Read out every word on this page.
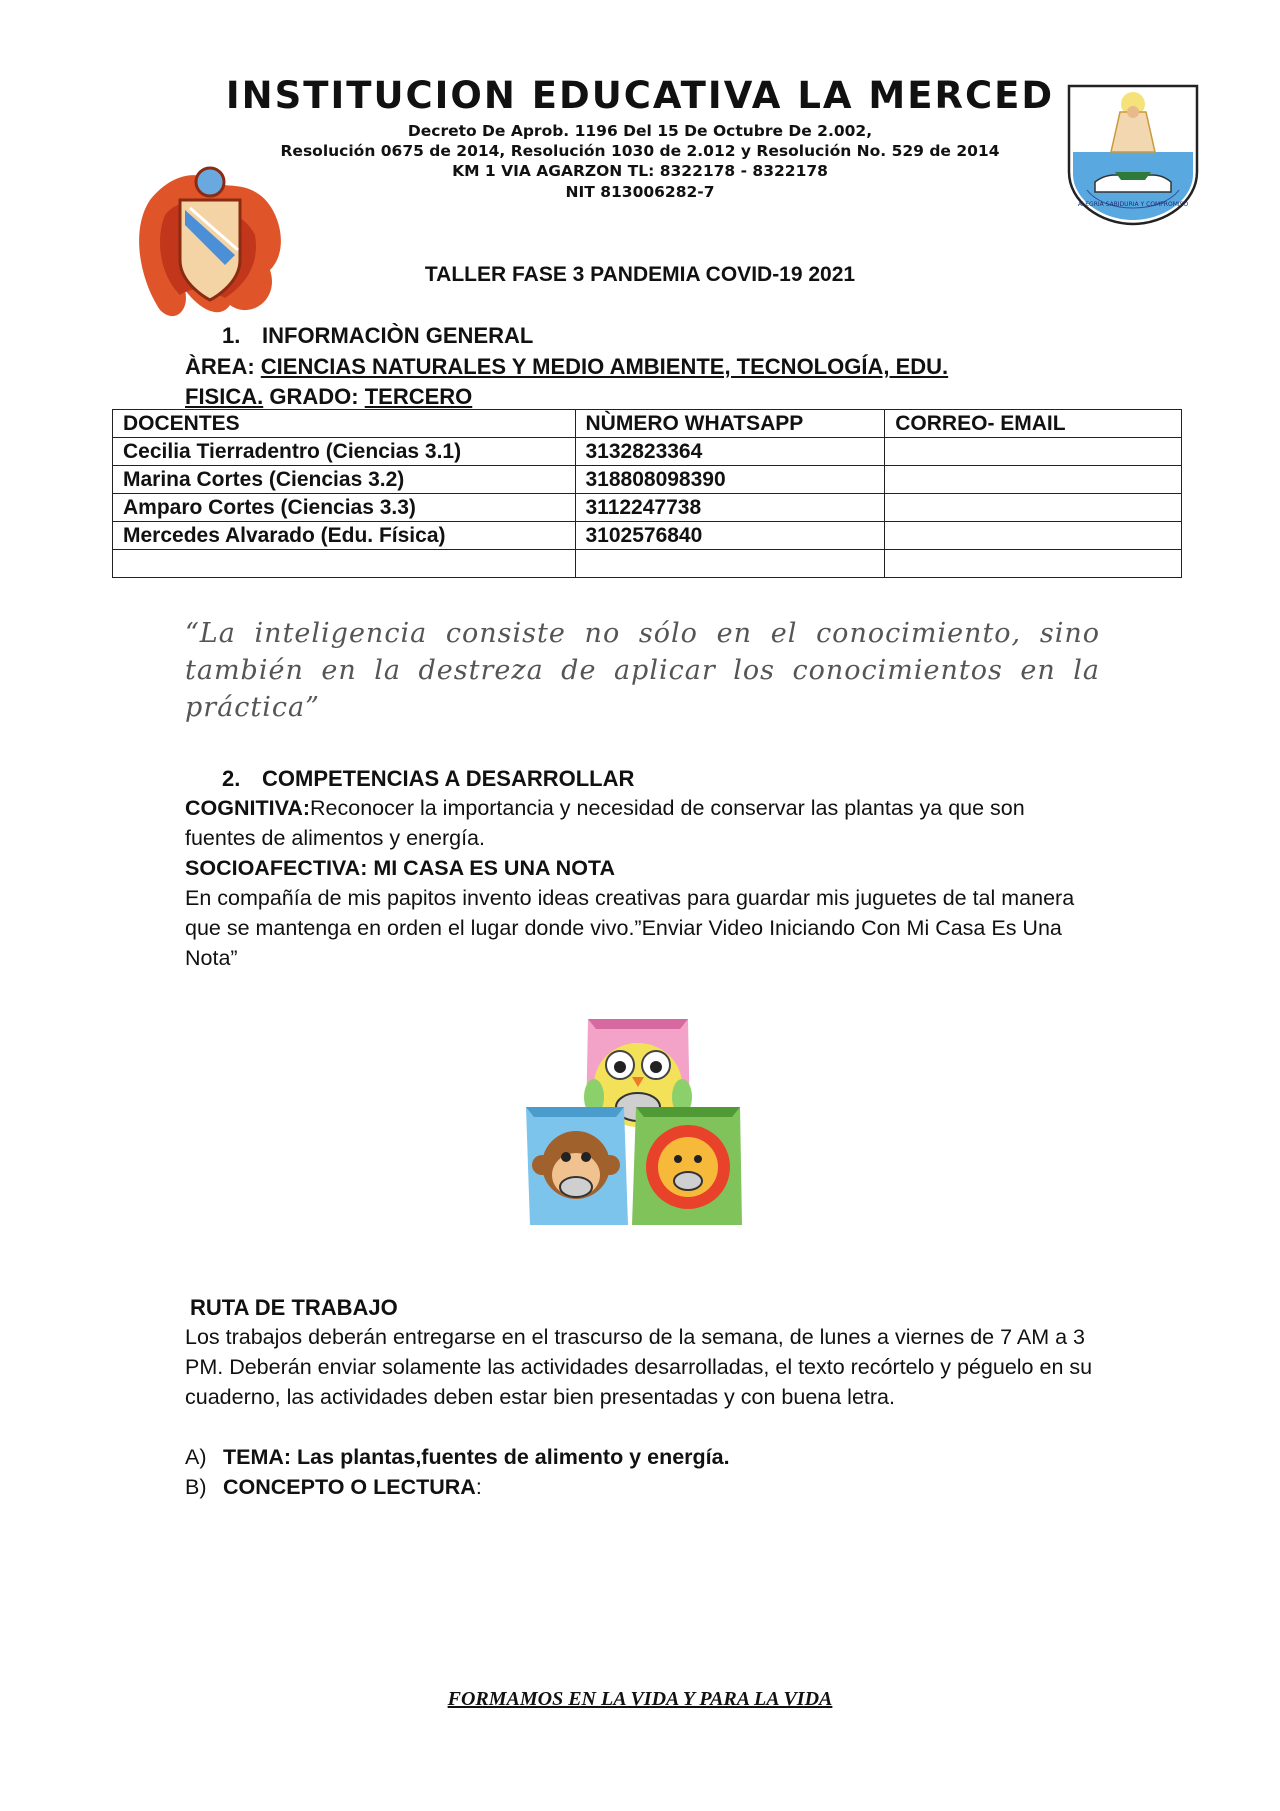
INSTITUCION EDUCATIVA LA MERCED
Decreto De Aprob. 1196 Del 15 De Octubre De 2.002,
Resolución 0675 de 2014, Resolución 1030 de 2.012 y Resolución No. 529 de 2014
KM 1 VIA AGARZON TL: 8322178 - 8322178
NIT 813006282-7
ALEGRIA SABIDURIA Y COMPROMISO
TALLER FASE 3 PANDEMIA COVID-19 2021
1. INFORMACIÒN GENERAL
ÀREA: CIENCIAS NATURALES Y MEDIO AMBIENTE, TECNOLOGÍA, EDU.
FISICA. GRADO: TERCERO
DOCENTES	NÙMERO WHATSAPP	CORREO- EMAIL
Cecilia Tierradentro (Ciencias 3.1)	3132823364	
Marina Cortes (Ciencias 3.2)	318808098390	
Amparo Cortes (Ciencias 3.3)	3112247738	
Mercedes Alvarado (Edu. Física)	3102576840	

“La inteligencia consiste no sólo en el conocimiento, sino también en la destreza de aplicar los conocimientos en la práctica”
2. COMPETENCIAS A DESARROLLAR
COGNITIVA:Reconocer la importancia y necesidad de conservar las plantas ya que son fuentes de alimentos y energía.
SOCIOAFECTIVA: MI CASA ES UNA NOTA
En compañía de mis papitos invento ideas creativas para guardar mis juguetes de tal manera que se mantenga en orden el lugar donde vivo.”Enviar Video Iniciando Con Mi Casa Es Una Nota”
RUTA DE TRABAJO
Los trabajos deberán entregarse en el trascurso de la semana, de lunes a viernes de 7 AM a 3 PM. Deberán enviar solamente las actividades desarrolladas, el texto recórtelo y péguelo en su cuaderno, las actividades deben estar bien presentadas y con buena letra.
A) TEMA: Las plantas,fuentes de alimento y energía.
B) CONCEPTO O LECTURA:
FORMAMOS EN LA VIDA Y PARA LA VIDA
